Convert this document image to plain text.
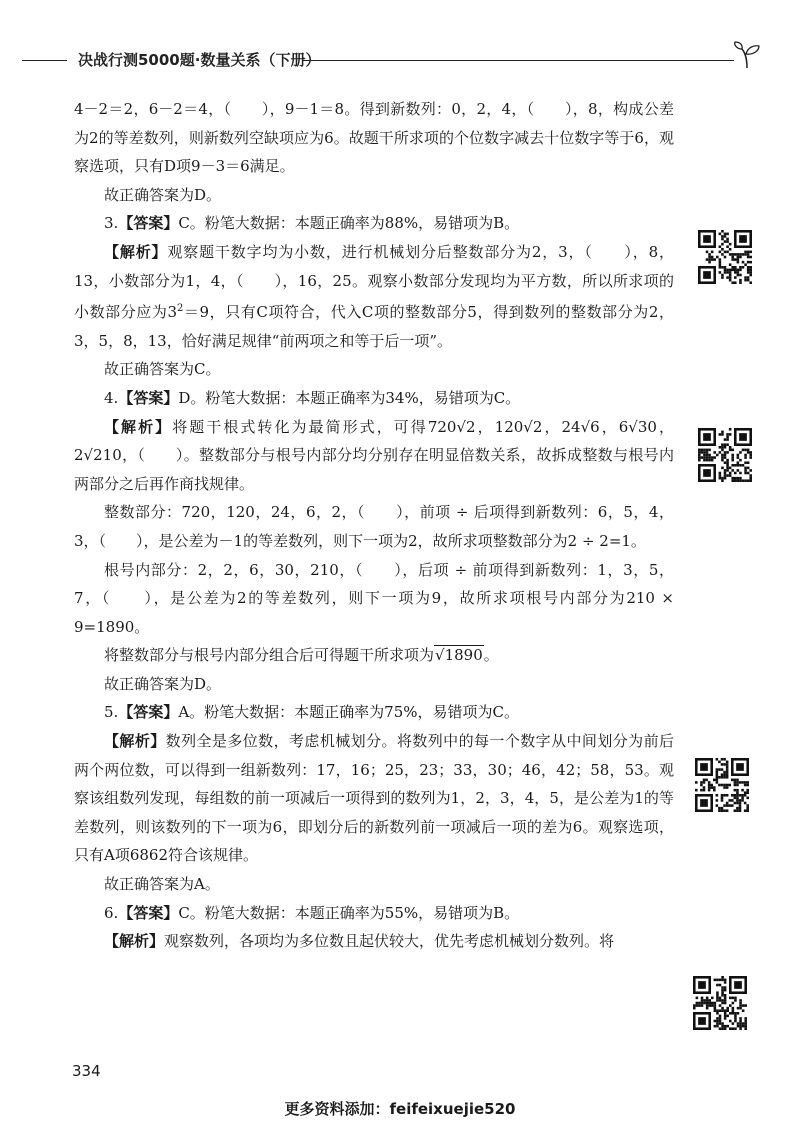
决战行测5000题·数量关系（下册）

4－2＝2，6－2＝4，（　　），9－1＝8。得到新数列：0，2，4，（　　），8，构成公差为2的等差数列，则新数列空缺项应为6。故题干所求项的个位数字减去十位数字等于6，观察选项，只有D项9－3＝6满足。

故正确答案为D。

3.【答案】C。粉笔大数据：本题正确率为88%，易错项为B。

【解析】观察题干数字均为小数，进行机械划分后整数部分为2，3，（　　），8，13，小数部分为1，4，（　　），16，25。观察小数部分发现均为平方数，所以所求项的小数部分应为$3^2=9$，只有C项符合，代入C项的整数部分5，得到数列的整数部分为2，3，5，8，13，恰好满足规律“前两项之和等于后一项”。

故正确答案为C。

4.【答案】D。粉笔大数据：本题正确率为34%，易错项为C。

【解析】将题干根式转化为最简形式，可得720√2，120√2，24√6，6√30，2√210，（　　）。整数部分与根号内部分均分别存在明显倍数关系，故拆成整数与根号内两部分之后再作商找规律。

整数部分：720，120，24，6，2，（　　），前项 ÷ 后项得到新数列：6，5，4，3，（　　），是公差为－1的等差数列，则下一项为2，故所求项整数部分为2 ÷ 2=1。

根号内部分：2，2，6，30，210，（　　），后项 ÷ 前项得到新数列：1，3，5，7，（　　），是公差为2的等差数列，则下一项为9，故所求项根号内部分为210 × 9=1890。

将整数部分与根号内部分组合后可得题干所求项为√1890。

故正确答案为D。

5.【答案】A。粉笔大数据：本题正确率为75%，易错项为C。

【解析】数列全是多位数，考虑机械划分。将数列中的每一个数字从中间划分为前后两个两位数，可以得到一组新数列：17，16；25，23；33，30；46，42；58，53。观察该组数列发现，每组数的前一项减后一项得到的数列为1，2，3，4，5，是公差为1的等差数列，则该数列的下一项为6，即划分后的新数列前一项减后一项的差为6。观察选项，只有A项6862符合该规律。

故正确答案为A。

6.【答案】C。粉笔大数据：本题正确率为55%，易错项为B。

【解析】观察数列，各项均为多位数且起伏较大，优先考虑机械划分数列。将

334
更多资料添加：feifeixuejie520
